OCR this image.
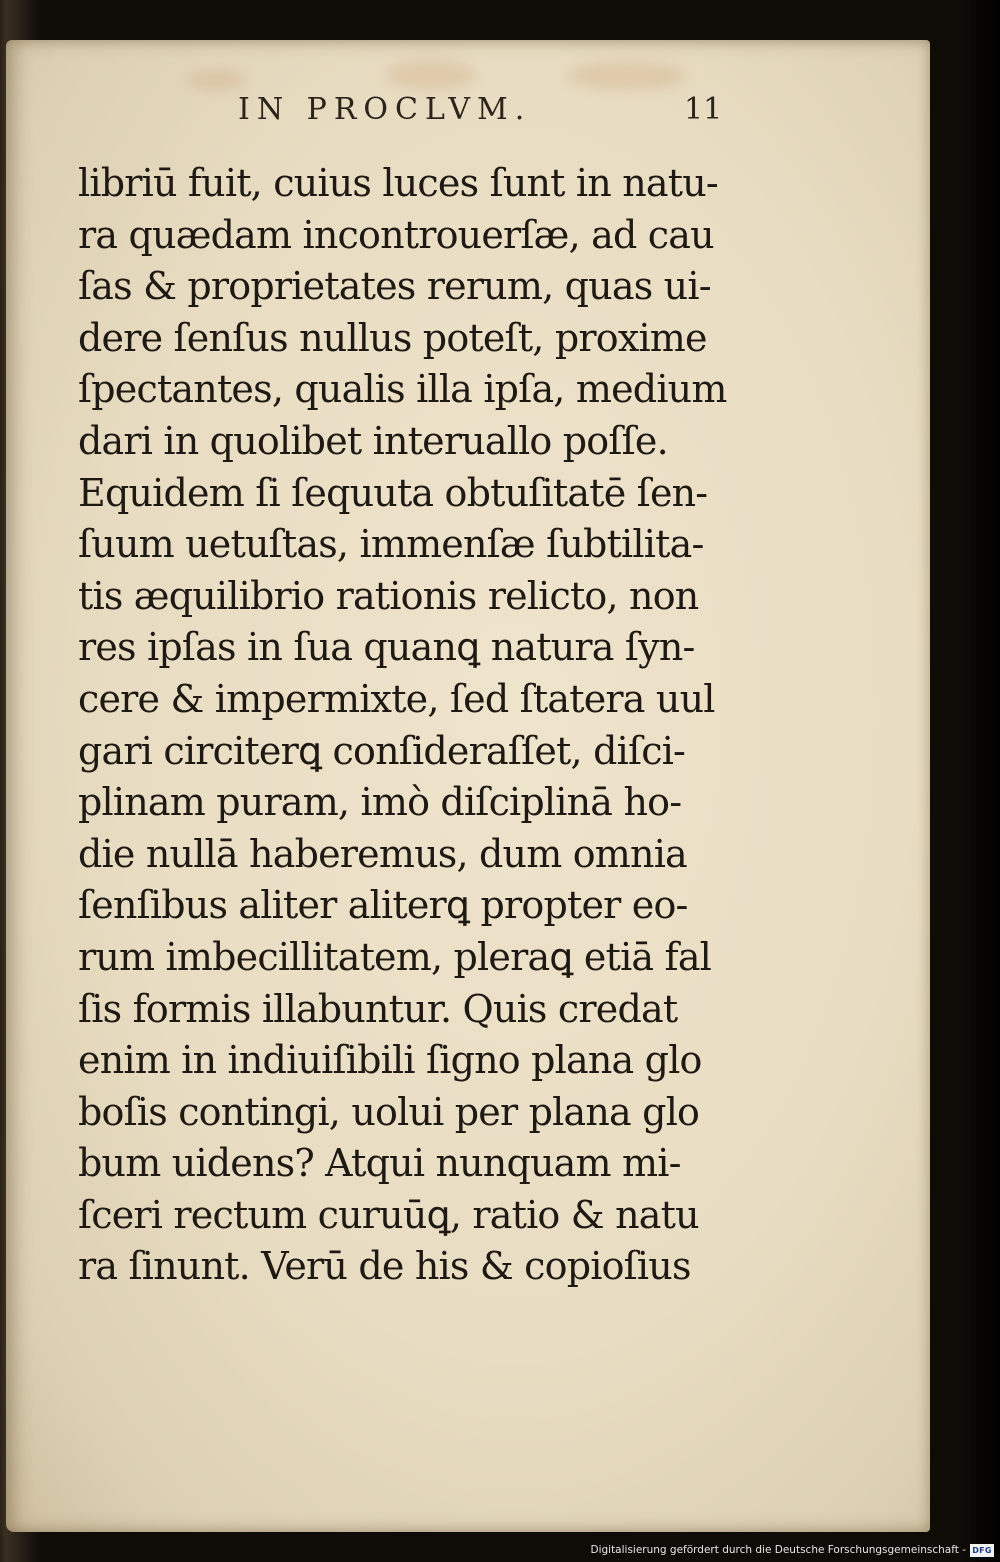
IN PROCLVM.	11
libriū fuit, cuius luces ſunt in natu-
ra quædam incontrouerſæ, ad cau
ſas & proprietates rerum, quas ui-
dere ſenſus nullus poteſt, proxime
ſpectantes, qualis illa ipſa, medium
dari in quolibet interuallo poſſe.
Equidem ſi ſequuta obtuſitatē ſen-
ſuum uetuſtas, immenſæ ſubtilita-
tis æquilibrio rationis relicto, non
res ipſas in ſua quanꝗ natura ſyn-
cere & impermixte, ſed ſtatera uul
gari circiterꝗ conſideraſſet, diſci-
plinam puram, imò diſciplinā ho-
die nullā haberemus, dum omnia
ſenſibus aliter aliterꝗ propter eo-
rum imbecillitatem, pleraꝗ etiā fal
ſis formis illabuntur. Quis credat
enim in indiuiſibili ſigno plana glo
boſis contingi, uolui per plana glo
bum uidens? Atqui nunquam mi-
ſceri rectum curuūꝗ, ratio & natu
ra ſinunt. Verū de his & copioſius
Digitalisierung gefördert durch die Deutsche Forschungsgemeinschaft - DFG
